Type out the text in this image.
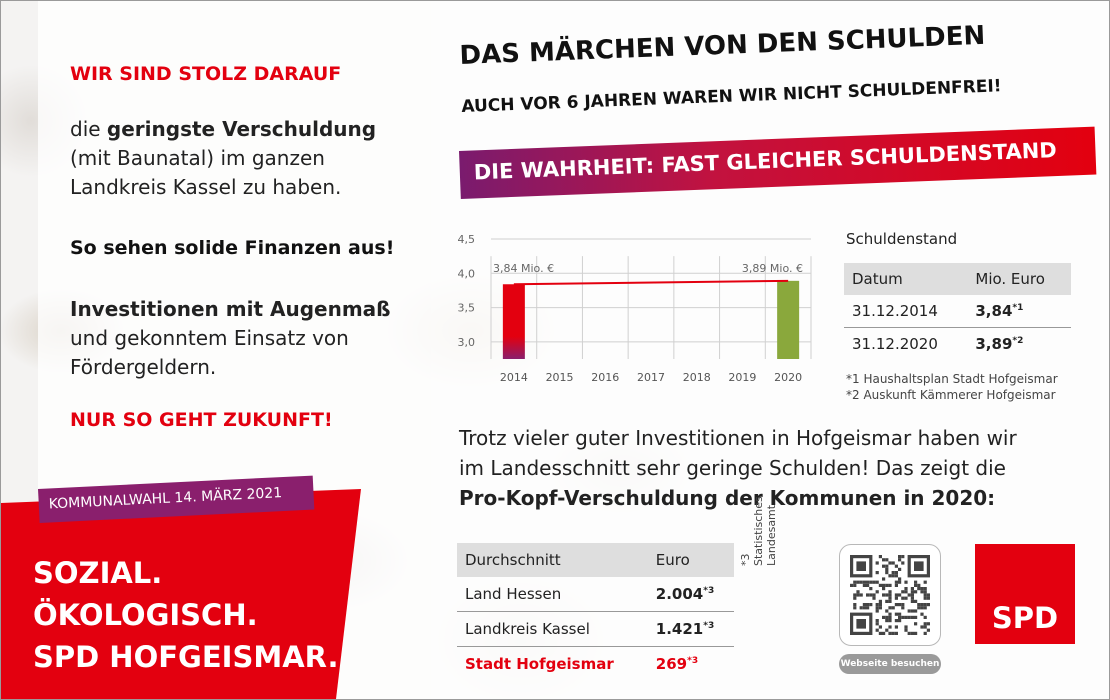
WIR SIND STOLZ DARAUF
die geringste Verschuldung
(mit Baunatal) im ganzen
Landkreis Kassel zu haben.
So sehen solide Finanzen aus!
Investitionen mit Augenmaß
und gekonntem Einsatz von
Fördergeldern.
NUR SO GEHT ZUKUNFT!
KOMMUNALWAHL 14. MÄRZ 2021
SOZIAL.
ÖKOLOGISCH.
SPD HOFGEISMAR.
DAS MÄRCHEN VON DEN SCHULDEN
AUCH VOR 6 JAHREN WAREN WIR NICHT SCHULDENFREI!
DIE WAHRHEIT: FAST GLEICHER SCHULDENSTAND
4,5
4,0
3,5
3,0
3,84 Mio. €	3,89 Mio. €
2014 2015 2016 2017 2018 2019 2020
Schuldenstand
Datum	Mio. Euro
31.12.2014	3,84$^{*1}$
31.12.2020	3,89$^{*2}$
*1 Haushaltsplan Stadt Hofgeismar
*2 Auskunft Kämmerer Hofgeismar
Trotz vieler guter Investitionen in Hofgeismar haben wir
im Landesschnitt sehr geringe Schulden! Das zeigt die
Pro-Kopf-Verschuldung der Kommunen in 2020:
Durchschnitt	Euro
Land Hessen	2.004$^{*3}$
Landkreis Kassel	1.421$^{*3}$
Stadt Hofgeismar	269$^{*3}$
*3 Statistisches Landesamt
Webseite besuchen
SPD
